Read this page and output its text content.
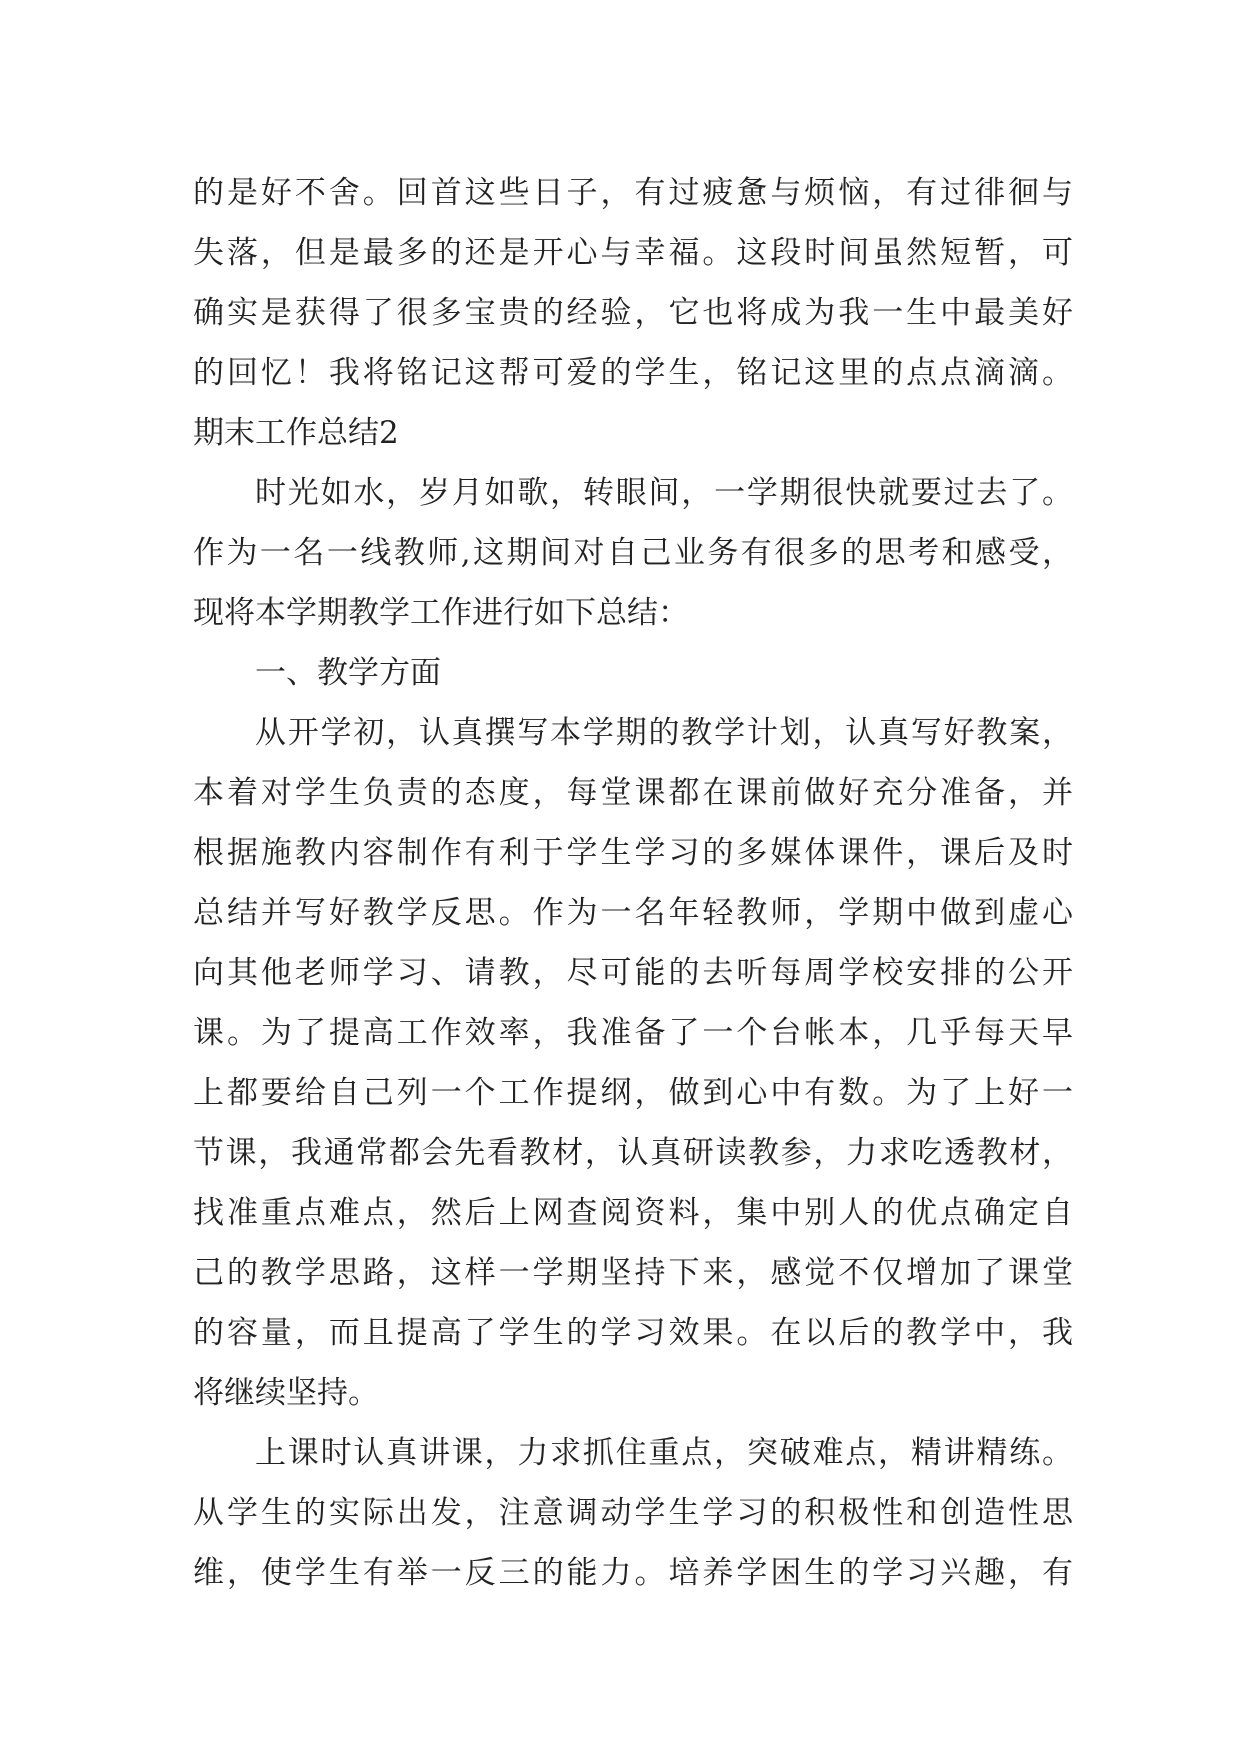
的是好不舍。回首这些日子，有过疲惫与烦恼，有过徘徊与
失落，但是最多的还是开心与幸福。这段时间虽然短暂，可
确实是获得了很多宝贵的经验，它也将成为我一生中最美好
的回忆！我将铭记这帮可爱的学生，铭记这里的点点滴滴。
期末工作总结2
时光如水，岁月如歌，转眼间，一学期很快就要过去了。
作为一名一线教师,这期间对自己业务有很多的思考和感受，
现将本学期教学工作进行如下总结：
一、教学方面
从开学初，认真撰写本学期的教学计划，认真写好教案，
本着对学生负责的态度，每堂课都在课前做好充分准备，并
根据施教内容制作有利于学生学习的多媒体课件，课后及时
总结并写好教学反思。作为一名年轻教师，学期中做到虚心
向其他老师学习、请教，尽可能的去听每周学校安排的公开
课。为了提高工作效率，我准备了一个台帐本，几乎每天早
上都要给自己列一个工作提纲，做到心中有数。为了上好一
节课，我通常都会先看教材，认真研读教参，力求吃透教材，
找准重点难点，然后上网查阅资料，集中别人的优点确定自
己的教学思路，这样一学期坚持下来，感觉不仅增加了课堂
的容量，而且提高了学生的学习效果。在以后的教学中，我
将继续坚持。
上课时认真讲课，力求抓住重点，突破难点，精讲精练。
从学生的实际出发，注意调动学生学习的积极性和创造性思
维，使学生有举一反三的能力。培养学困生的学习兴趣，有
